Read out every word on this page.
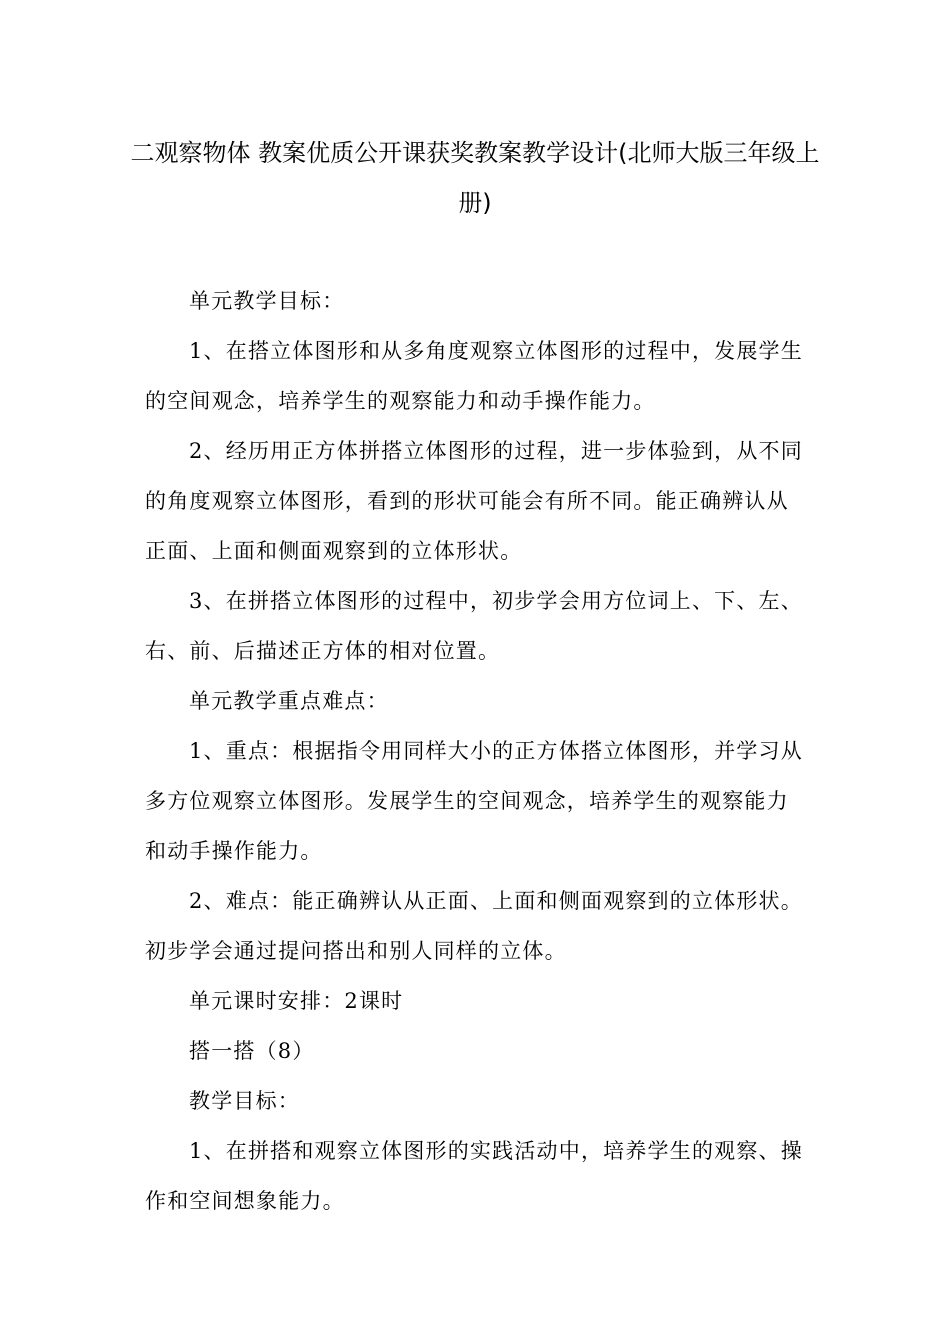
二观察物体 教案优质公开课获奖教案教学设计(北师大版三年级上册)

单元教学目标：

1、在搭立体图形和从多角度观察立体图形的过程中，发展学生的空间观念，培养学生的观察能力和动手操作能力。

2、经历用正方体拼搭立体图形的过程，进一步体验到，从不同的角度观察立体图形，看到的形状可能会有所不同。能正确辨认从正面、上面和侧面观察到的立体形状。

3、在拼搭立体图形的过程中，初步学会用方位词上、下、左、右、前、后描述正方体的相对位置。

单元教学重点难点：

1、重点：根据指令用同样大小的正方体搭立体图形，并学习从多方位观察立体图形。发展学生的空间观念，培养学生的观察能力和动手操作能力。

2、难点：能正确辨认从正面、上面和侧面观察到的立体形状。初步学会通过提问搭出和别人同样的立体。

单元课时安排：2课时

搭一搭（8）

教学目标：

1、在拼搭和观察立体图形的实践活动中，培养学生的观察、操作和空间想象能力。
